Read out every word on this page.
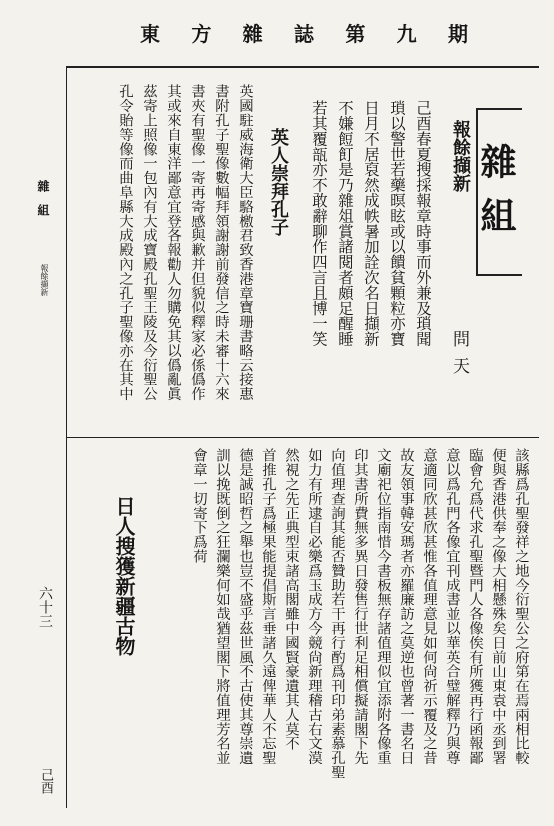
東 方 雜 誌 第 九 期
雜組
報餘擷新
問天
己酉春夏搜採報章時事而外兼及瑣聞
瑣以警世若藥暝眩或以饋貧顆粒亦寶
日月不居裒然成帙暑加詮次名日擷新
不嫌餖飣是乃雜俎賞諸閱者頗足醒睡
若其覆瓿亦不敢辭聊作四言且博一笑
英人崇拜孔子
英國駐威海衛大臣駱檄君致香港章寶珊書略云接惠
書附孔子聖像數幅拜領謝謝前發信之時未審十六來
書夾有聖像一寄再寄感與歉并但貌似釋家必係僞作
其或來自東洋鄙意宜登各報勸人勿購免其以僞亂眞
茲寄上照像一包內有大成寶殿孔聖王陵及今衍聖公
孔令貽等像而曲阜縣大成殿內之孔子聖像亦在其中
該縣爲孔聖發祥之地今衍聖公之府第在焉兩相比較
便與香港供奉之像大相懸殊矣日前山東袁中丞到署
臨會允爲代求孔聖暨門人各像俟有所獲再行函報鄙
意以爲孔門各像宜刊成書並以華英合璧解釋乃與尊
意適同欣甚欣甚惟各值理意見如何尙祈示覆及之昔
故友領事韓安瑪者亦羅廉訪之莫逆也曾著一書名日
文廟祀位指南惜今書板無存諸值理似宜添附各像重
印其書所費無多異日發售行世利足相償擬請閣下先
向值理查詢其能否贊助若干再行酌爲刊印弟素慕孔聖
如力有所逮自必樂爲玉成方今競尙新理稽古右文漠
然視之先正典型束諸高閣雖中國賢豪遺其人莫不
首推孔子爲極果能提倡斯言垂諸久遠俾華人不忘聖
德是誠昭哲之舉也豈不盛乎茲世風不古使其尊崇遺
訓以挽既倒之狂瀾樂何如哉猶望閣下將值理芳名並
會章一切寄下爲荷
日人搜獲新疆古物
雜組
報餘擷新
六十三
己酉
